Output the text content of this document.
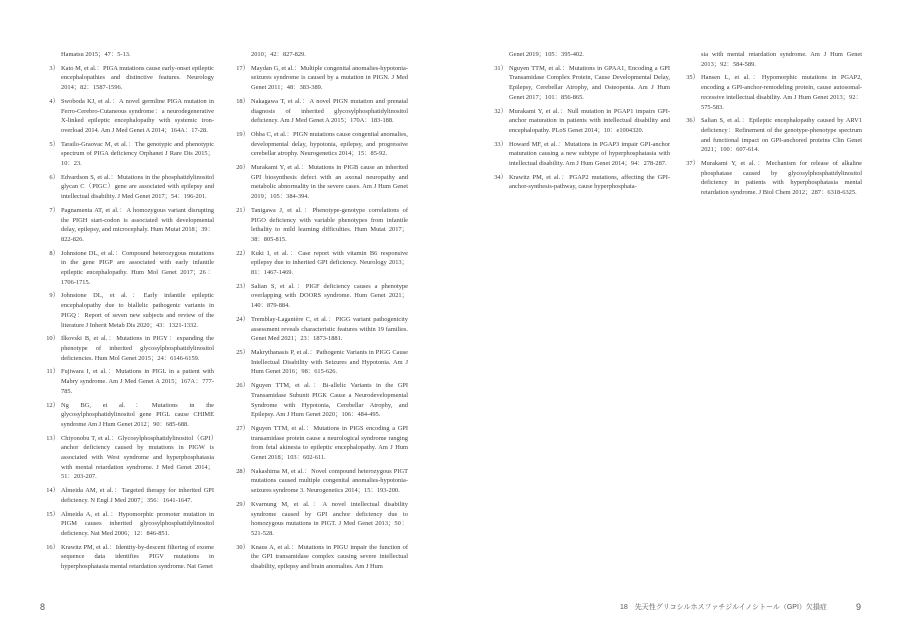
Hamatsu 2015；47：5-13.
3） Kato M, et al.：PIGA mutations cause early-onset epileptic encephalopathies and distinctive features. Neurology 2014；82：1587-1596.
4） Swoboda KJ, et al.：A novel germline PIGA mutation in Ferro-Cerebro-Cutaneous syndrome：a neurodegenerative X-linked epileptic encephalopathy with systemic iron-overload 2014. Am J Med Genet A 2014；164A：17-28.
5） Tarailo-Graovac M, et al.：The genotypic and phenotypic spectrum of PIGA deficiency Orphanet J Rare Dis 2015；10：23.
6） Edvardson S, et al.：Mutations in the phosphatidylinositol glycan C（PIGC）gene are associated with epilepsy and intellectual disability. J Med Genet 2017；54：196-201.
7） Pagnamenta AT, et al.：A homozygous variant disrupting the PIGH start-codon is associated with developmental delay, epilepsy, and microcephaly. Hum Mutat 2018；39：822-826.
8） Johnstone DL, et al.：Compound heterozygous mutations in the gene PIGP are associated with early infantile epileptic encephalopathy. Hum Mol Genet 2017；26：1706-1715.
9） Johnstone DL, et al.：Early infantile epileptic encephalopathy due to biallelic pathogenic variants in PIGQ：Report of seven new subjects and review of the literature J Inherit Metab Dis 2020；43：1321-1332.
10） Ilkovski B, et al.：Mutations in PIGY：expanding the phenotype of inherited glycosylphosphatidylinositol deficiencies. Hum Mol Genet 2015；24：6146-6159.
11） Fujiwara I, et al.：Mutations in PIGL in a patient with Mabry syndrome. Am J Med Genet A 2015；167A：777-785.
12） Ng BG, et al.：Mutations in the glycosylphosphatidylinositol gene PIGL cause CHIME syndrome Am J Hum Genet 2012；90：685-688.
13） Chiyonobu T, et al.：Glycosylphosphatidylinositol（GPI）anchor deficiency caused by mutations in PIGW is associated with West syndrome and hyperphosphatasia with mental retardation syndrome. J Med Genet 2014；51：203-207.
14） Almeida AM, et al.：Targeted therapy for inherited GPI deficiency. N Engl J Med 2007；356：1641-1647.
15） Almeida A, et al.：Hypomorphic promoter mutation in PIGM causes inherited glycosylphosphatidylinositol deficiency. Nat Med 2006；12：846-851.
16） Krawitz PM, et al.：Identity-by-descent filtering of exome sequence data identifies PIGV mutations in hyperphosphatasia mental retardation syndrome. Nat Genet
2010；42：827-829.
17） Maydan G, et al.：Multiple congenital anomalies-hypotonia-seizures syndrome is caused by a mutation in PIGN. J Med Genet 2011；48：383-389.
18） Nakagawa T, et al.：A novel PIGN mutation and prenatal diagnosis of inherited glycosylphosphatidylinositol deficiency. Am J Med Genet A 2015；170A：183-188.
19） Ohba C, et al.：PIGN mutations cause congenital anomalies, developmental delay, hypotonia, epilepsy, and progressive cerebellar atrophy. Neurogenetics 2014；15：85-92.
20） Murakami Y, et al.：Mutations in PIGB cause an inherited GPI biosynthesis defect with an axonal neuropathy and metabolic abnormality in the severe cases. Am J Hum Genet 2019；105：384-394.
21） Tanigawa J, et al.：Phenotype-genotype correlations of PIGO deficiency with variable phenotypes from infantile lethality to mild learning difficulties. Hum Mutat 2017；38：805-815.
22） Kuki I, et al.：Case report with vitamin B6 responsive epilepsy due to inherited GPI deficiency. Neurology 2013；81：1467-1469.
23） Salian S, et al.：PIGF deficiency causes a phenotype overlapping with DOORS syndrome. Hum Genet 2021；140：879-884.
24） Tremblay-Laganière C, et al.：PIGG variant pathogenicity assessment reveals characteristic features within 19 families. Genet Med 2021；23：1873-1881.
25） Makrythanasis P, et al.：Pathogenic Variants in PIGG Cause Intellectual Disability with Seizures and Hypotonia. Am J Hum Genet 2016；98：615-626.
26） Nguyen TTM, et al.：Bi-allelic Variants in the GPI Transamidase Subunit PIGK Cause a Neurodevelopmental Syndrome with Hypotonia, Cerebellar Atrophy, and Epilepsy. Am J Hum Genet 2020；106：484-495.
27） Nguyen TTM, et al.：Mutations in PIGS encoding a GPI transamidase protein cause a neurological syndrome ranging from fetal akinesia to epileptic encephalopathy. Am J Hum Genet 2018；103：602-611.
28） Nakashima M, et al.：Novel compound heterozygous PIGT mutations caused multiple congenital anomalies-hypotonia-seizures syndrome 3. Neurogenetics 2014；15：193-200.
29） Kvarnung M, et al.：A novel intellectual disability syndrome caused by GPI anchor deficiency due to homozygous mutations in PIGT. J Med Genet 2013；50：521-528.
30） Knaus A, et al.：Mutations in PIGU impair the function of the GPI transamidase complex causing severe intellectual disability, epilepsy and brain anomalies. Am J Hum
8
Genet 2019；105：395-402.
31） Nguyen TTM, et al.：Mutations in GPAA1, Encoding a GPI Transamidase Complex Protein, Cause Developmental Delay, Epilepsy, Cerebellar Atrophy, and Osteopenia. Am J Hum Genet 2017；101：856-865.
32） Murakami Y, et al.：Null mutation in PGAP1 impairs GPI-anchor maturation in patients with intellectual disability and encephalopathy. PLoS Genet 2014；10：e1004320.
33） Howard MF, et al.：Mutations in PGAP3 impair GPI-anchor maturation causing a new subtype of hyperphosphatasia with intellectual disability. Am J Hum Genet 2014；94：278-287.
34） Krawitz PM, et al.：PGAP2 mutations, affecting the GPI-anchor-synthesis-pathway, cause hyperphosphata-
sia with mental retardation syndrome. Am J Hum Genet 2013；92：584-589.
35） Hansen L, et al.：Hypomorphic mutations in PGAP2, encoding a GPI-anchor-remodeling protein, cause autosomal-recessive intellectual disability. Am J Hum Genet 2013；92：575-583.
36） Salian S, et al.：Epileptic encephalopathy caused by ARV1 deficiency：Refinement of the genotype-phenotype spectrum and functional impact on GPI-anchored proteins Clin Genet 2021；100：607-614.
37） Murakami Y, et al.：Mechanism for release of alkaline phosphatase caused by glycosylphosphatidylinositol deficiency in patients with hyperphosphatasia mental retardation syndrome. J Biol Chem 2012；287：6318-6325.
18　先天性グリコシルホスファチジルイノシトール（GPI）欠損症	9
